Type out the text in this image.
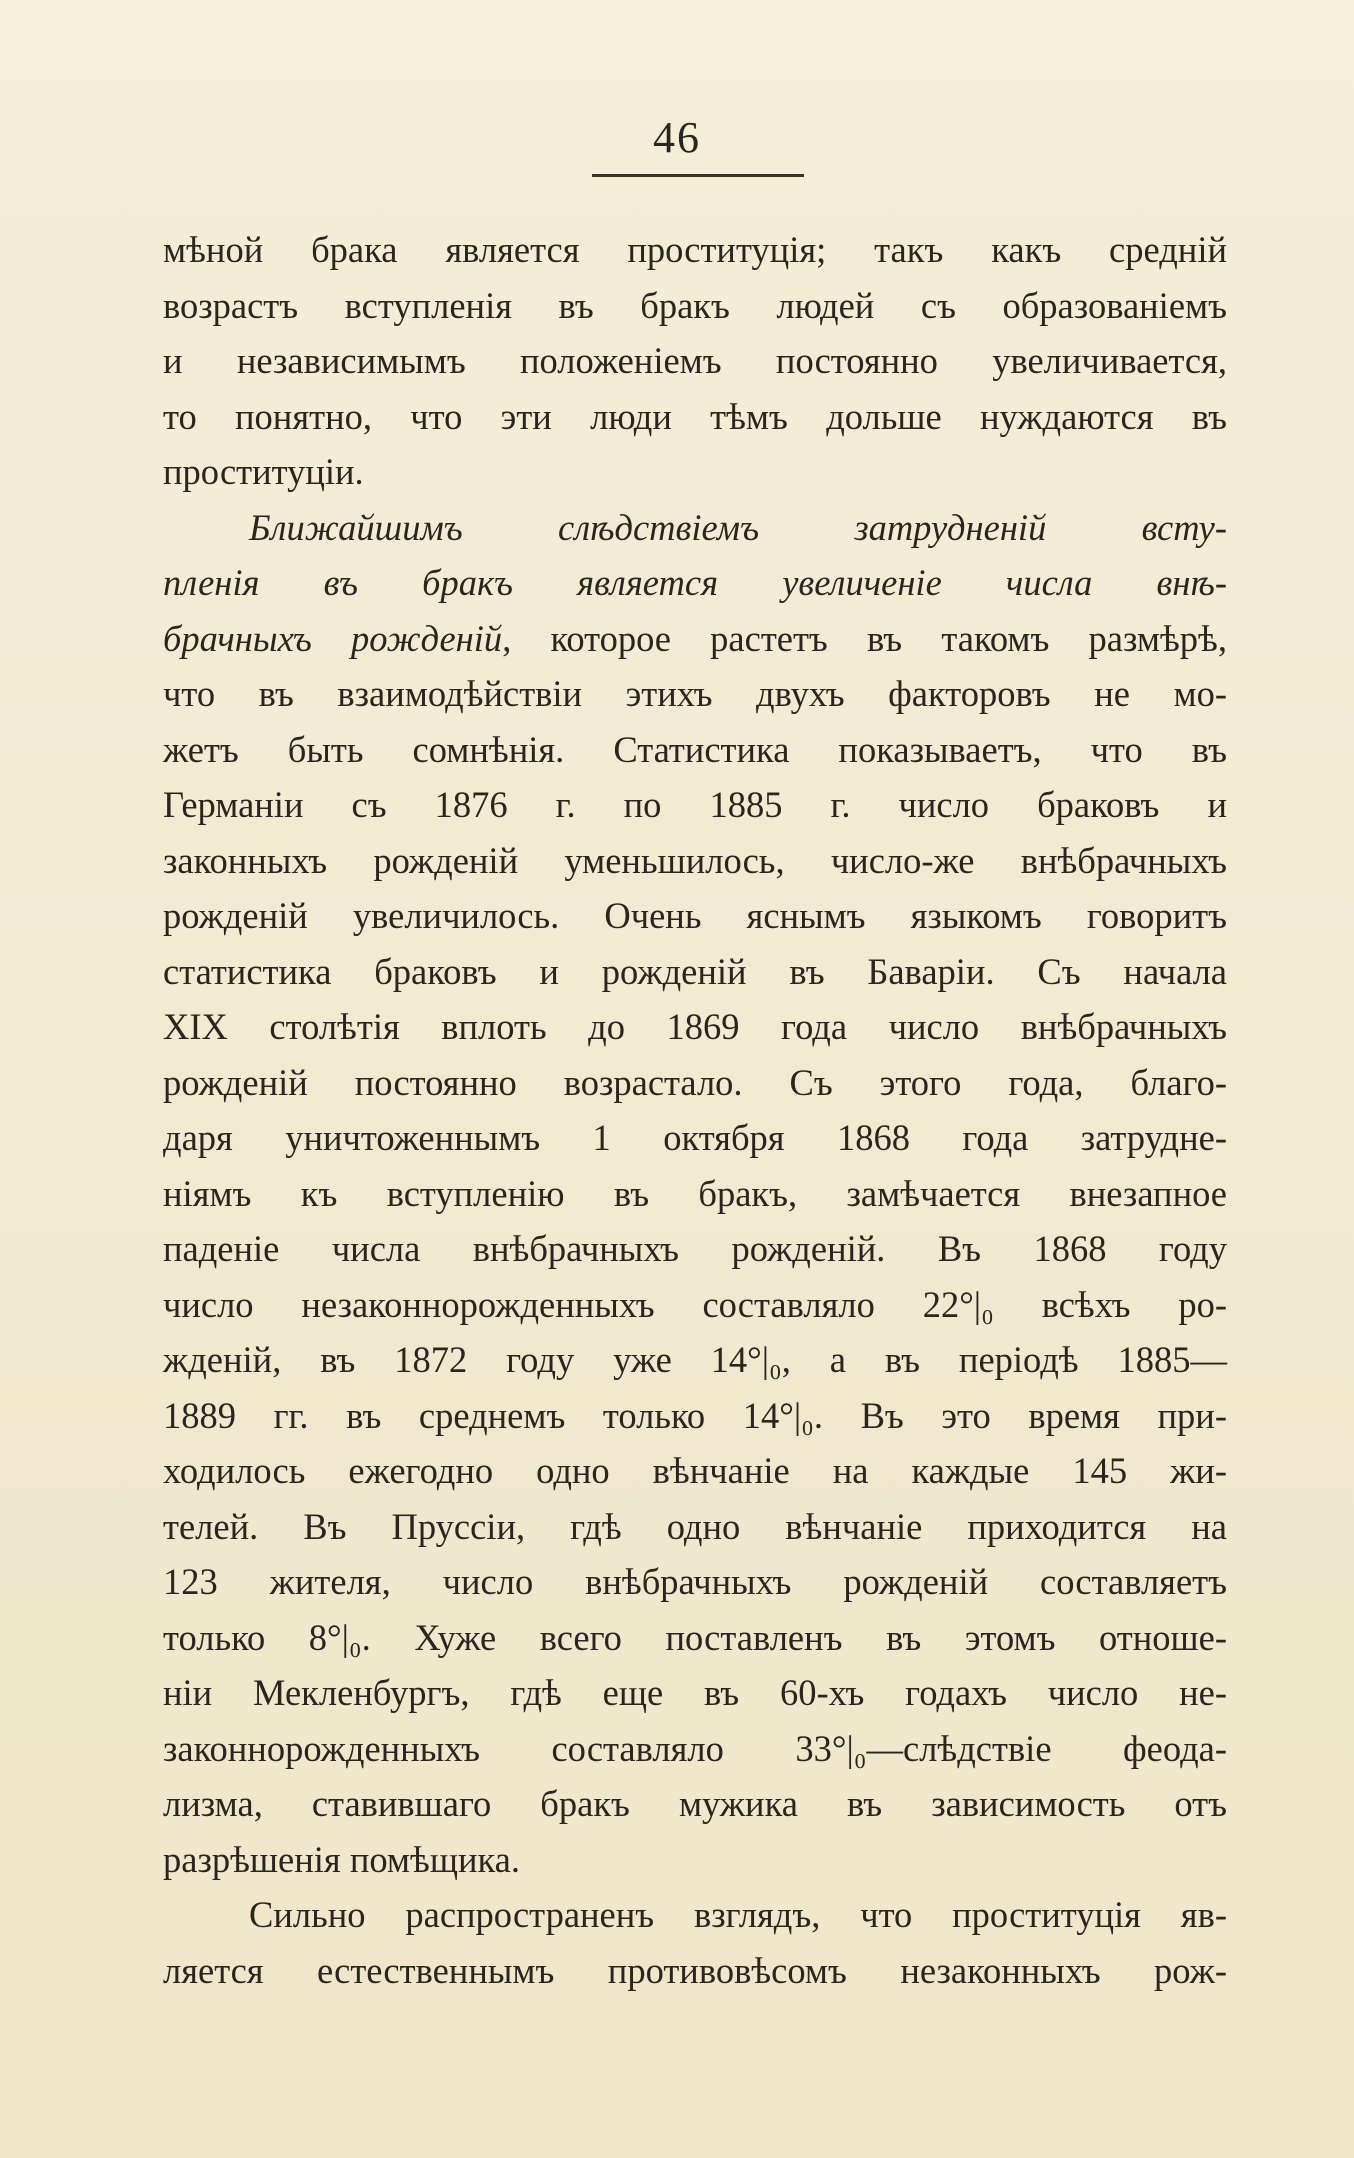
46
мѣной брака является проституція; такъ какъ средній
возрастъ вступленія въ бракъ людей съ образованіемъ
и независимымъ положеніемъ постоянно увеличивается,
то понятно, что эти люди тѣмъ дольше нуждаются въ
проституціи.
Ближайшимъ слѣдствіемъ затрудненій всту-
пленія въ бракъ является увеличеніе числа внѣ-
брачныхъ рожденій, которое растетъ въ такомъ размѣрѣ,
что въ взаимодѣйствіи этихъ двухъ факторовъ не мо-
жетъ быть сомнѣнія. Статистика показываетъ, что въ
Германіи съ 1876 г. по 1885 г. число браковъ и
законныхъ рожденій уменьшилось, число-же внѣбрачныхъ
рожденій увеличилось. Очень яснымъ языкомъ говоритъ
статистика браковъ и рожденій въ Баваріи. Съ начала
XIX столѣтія вплоть до 1869 года число внѣбрачныхъ
рожденій постоянно возрастало. Съ этого года, благо-
даря уничтоженнымъ 1 октября 1868 года затрудне-
ніямъ къ вступленію въ бракъ, замѣчается внезапное
паденіе числа внѣбрачныхъ рожденій. Въ 1868 году
число незаконнорожденныхъ составляло 22°|₀ всѣхъ ро-
жденій, въ 1872 году уже 14°|₀, а въ періодѣ 1885—
1889 гг. въ среднемъ только 14°|₀. Въ это время при-
ходилось ежегодно одно вѣнчаніе на каждые 145 жи-
телей. Въ Пруссіи, гдѣ одно вѣнчаніе приходится на
123 жителя, число внѣбрачныхъ рожденій составляетъ
только 8°|₀. Хуже всего поставленъ въ этомъ отноше-
ніи Мекленбургъ, гдѣ еще въ 60-хъ годахъ число не-
законнорожденныхъ составляло 33°|₀—слѣдствіе феода-
лизма, ставившаго бракъ мужика въ зависимость отъ
разрѣшенія помѣщика.
Сильно распространенъ взглядъ, что проституція яв-
ляется естественнымъ противовѣсомъ незаконныхъ рож-
